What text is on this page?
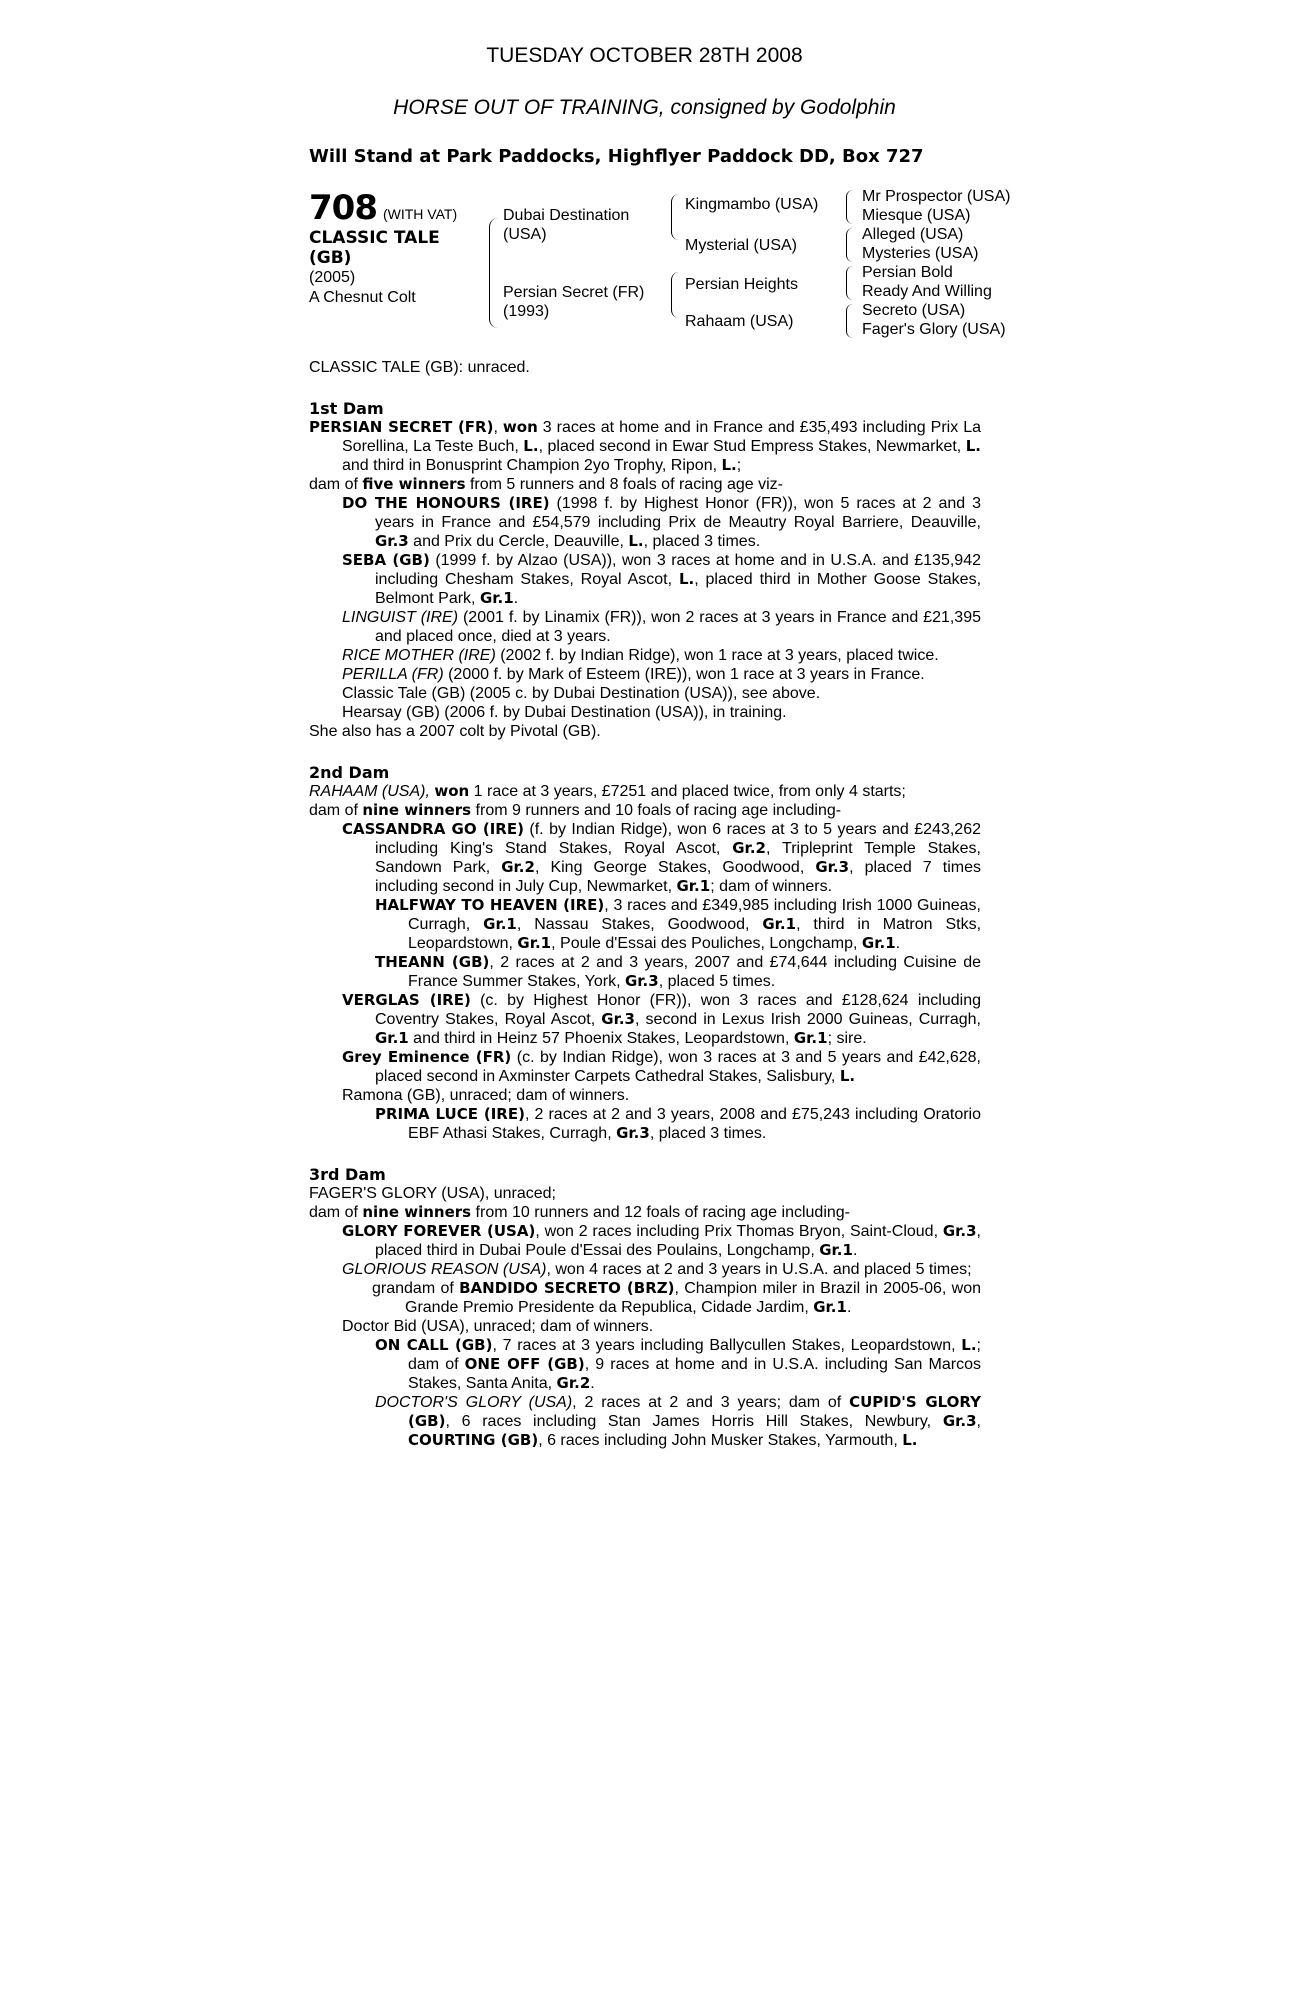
TUESDAY OCTOBER 28TH 2008
HORSE OUT OF TRAINING, consigned by Godolphin
Will Stand at Park Paddocks, Highflyer Paddock DD, Box 727
708 (WITH VAT)
CLASSIC TALE
(GB)
(2005)
A Chesnut Colt
Dubai Destination
(USA)
Persian Secret (FR)
(1993)
Kingmambo (USA)
Mysterial (USA)
Persian Heights
Rahaam (USA)
Mr Prospector (USA)
Miesque (USA)
Alleged (USA)
Mysteries (USA)
Persian Bold
Ready And Willing
Secreto (USA)
Fager's Glory (USA)

CLASSIC TALE (GB): unraced.

1st Dam

PERSIAN SECRET (FR), won 3 races at home and in France and £35,493 including Prix La Sorellina, La Teste Buch, L., placed second in Ewar Stud Empress Stakes, Newmarket, L. and third in Bonusprint Champion 2yo Trophy, Ripon, L.;

dam of five winners from 5 runners and 8 foals of racing age viz-

DO THE HONOURS (IRE) (1998 f. by Highest Honor (FR)), won 5 races at 2 and 3 years in France and £54,579 including Prix de Meautry Royal Barriere, Deauville, Gr.3 and Prix du Cercle, Deauville, L., placed 3 times.

SEBA (GB) (1999 f. by Alzao (USA)), won 3 races at home and in U.S.A. and £135,942 including Chesham Stakes, Royal Ascot, L., placed third in Mother Goose Stakes, Belmont Park, Gr.1.

LINGUIST (IRE) (2001 f. by Linamix (FR)), won 2 races at 3 years in France and £21,395 and placed once, died at 3 years.

RICE MOTHER (IRE) (2002 f. by Indian Ridge), won 1 race at 3 years, placed twice.

PERILLA (FR) (2000 f. by Mark of Esteem (IRE)), won 1 race at 3 years in France.

Classic Tale (GB) (2005 c. by Dubai Destination (USA)), see above.

Hearsay (GB) (2006 f. by Dubai Destination (USA)), in training.

She also has a 2007 colt by Pivotal (GB).

2nd Dam

RAHAAM (USA), won 1 race at 3 years, £7251 and placed twice, from only 4 starts;

dam of nine winners from 9 runners and 10 foals of racing age including-

CASSANDRA GO (IRE) (f. by Indian Ridge), won 6 races at 3 to 5 years and £243,262 including King's Stand Stakes, Royal Ascot, Gr.2, Tripleprint Temple Stakes, Sandown Park, Gr.2, King George Stakes, Goodwood, Gr.3, placed 7 times including second in July Cup, Newmarket, Gr.1; dam of winners.

HALFWAY TO HEAVEN (IRE), 3 races and £349,985 including Irish 1000 Guineas, Curragh, Gr.1, Nassau Stakes, Goodwood, Gr.1, third in Matron Stks, Leopardstown, Gr.1, Poule d'Essai des Pouliches, Longchamp, Gr.1.

THEANN (GB), 2 races at 2 and 3 years, 2007 and £74,644 including Cuisine de France Summer Stakes, York, Gr.3, placed 5 times.

VERGLAS (IRE) (c. by Highest Honor (FR)), won 3 races and £128,624 including Coventry Stakes, Royal Ascot, Gr.3, second in Lexus Irish 2000 Guineas, Curragh, Gr.1 and third in Heinz 57 Phoenix Stakes, Leopardstown, Gr.1; sire.

Grey Eminence (FR) (c. by Indian Ridge), won 3 races at 3 and 5 years and £42,628, placed second in Axminster Carpets Cathedral Stakes, Salisbury, L.

Ramona (GB), unraced; dam of winners.

PRIMA LUCE (IRE), 2 races at 2 and 3 years, 2008 and £75,243 including Oratorio EBF Athasi Stakes, Curragh, Gr.3, placed 3 times.

3rd Dam

FAGER'S GLORY (USA), unraced;

dam of nine winners from 10 runners and 12 foals of racing age including-

GLORY FOREVER (USA), won 2 races including Prix Thomas Bryon, Saint-Cloud, Gr.3, placed third in Dubai Poule d'Essai des Poulains, Longchamp, Gr.1.

GLORIOUS REASON (USA), won 4 races at 2 and 3 years in U.S.A. and placed 5 times;

grandam of BANDIDO SECRETO (BRZ), Champion miler in Brazil in 2005-06, won Grande Premio Presidente da Republica, Cidade Jardim, Gr.1.

Doctor Bid (USA), unraced; dam of winners.

ON CALL (GB), 7 races at 3 years including Ballycullen Stakes, Leopardstown, L.; dam of ONE OFF (GB), 9 races at home and in U.S.A. including San Marcos Stakes, Santa Anita, Gr.2.

DOCTOR'S GLORY (USA), 2 races at 2 and 3 years; dam of CUPID'S GLORY (GB), 6 races including Stan James Horris Hill Stakes, Newbury, Gr.3, COURTING (GB), 6 races including John Musker Stakes, Yarmouth, L.
